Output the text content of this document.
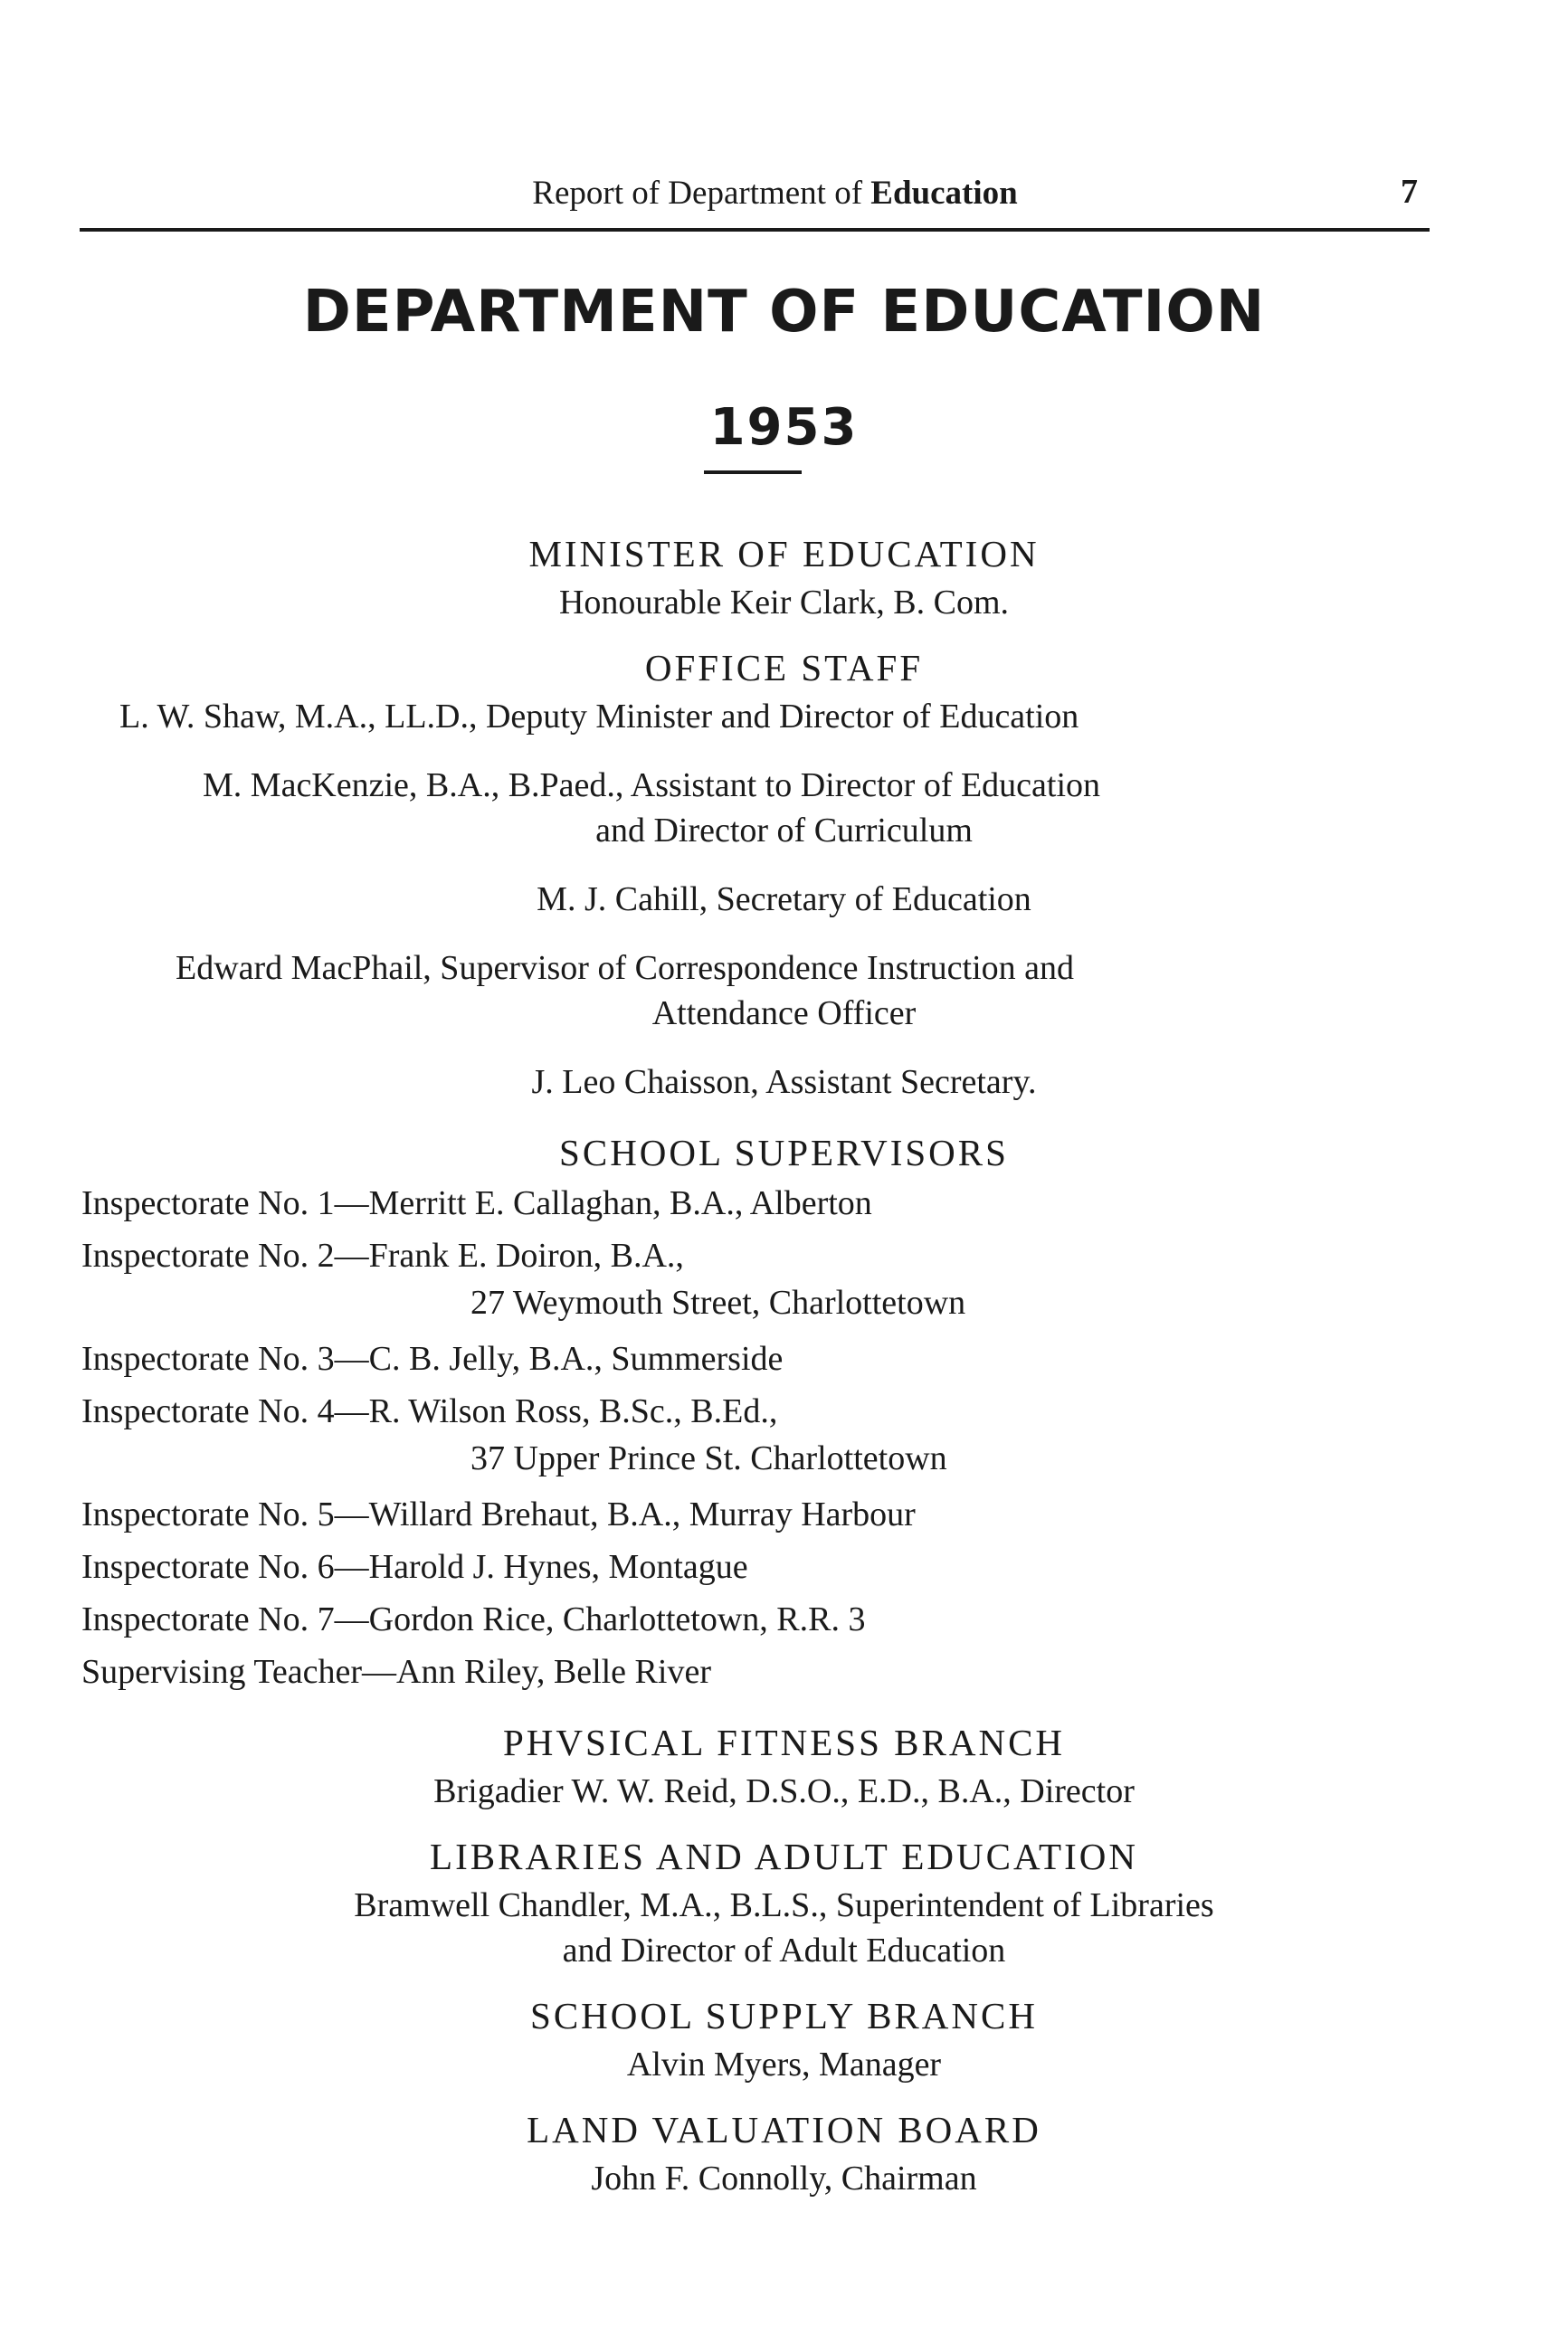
Report of Department of Education	7
DEPARTMENT OF EDUCATION
1953
MINISTER OF EDUCATION
Honourable Keir Clark, B. Com.
OFFICE STAFF
L. W. Shaw, M.A., LL.D., Deputy Minister and Director of Education
M. MacKenzie, B.A., B.Paed., Assistant to Director of Education
and Director of Curriculum
M. J. Cahill, Secretary of Education
Edward MacPhail, Supervisor of Correspondence Instruction and
Attendance Officer
J. Leo Chaisson, Assistant Secretary.
SCHOOL SUPERVISORS
Inspectorate No. 1—Merritt E. Callaghan, B.A., Alberton
Inspectorate No. 2—Frank E. Doiron, B.A.,
27 Weymouth Street, Charlottetown
Inspectorate No. 3—C. B. Jelly, B.A., Summerside
Inspectorate No. 4—R. Wilson Ross, B.Sc., B.Ed.,
37 Upper Prince St. Charlottetown
Inspectorate No. 5—Willard Brehaut, B.A., Murray Harbour
Inspectorate No. 6—Harold J. Hynes, Montague
Inspectorate No. 7—Gordon Rice, Charlottetown, R.R. 3
Supervising Teacher—Ann Riley, Belle River
PHVSICAL FITNESS BRANCH
Brigadier W. W. Reid, D.S.O., E.D., B.A., Director
LIBRARIES AND ADULT EDUCATION
Bramwell Chandler, M.A., B.L.S., Superintendent of Libraries
and Director of Adult Education
SCHOOL SUPPLY BRANCH
Alvin Myers, Manager
LAND VALUATION BOARD
John F. Connolly, Chairman
